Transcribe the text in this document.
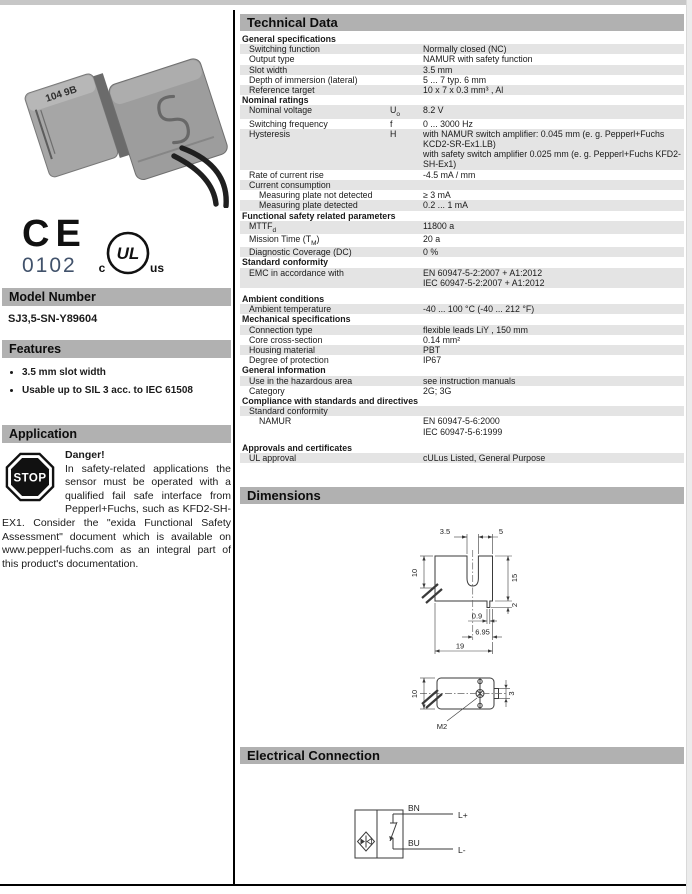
104 9B
CE
0102
UL
c	us
Model Number
SJ3,5-SN-Y89604
Features
• 3.5 mm slot width
• Usable up to SIL 3 acc. to IEC 61508
Application
STOP
Danger!
In safety-related applications the sensor must be operated with a qualified fail safe interface from Pepperl+Fuchs, such as KFD2-SH-EX1. Consider the "exida Functional Safety Assessment" document which is available on www.pepperl-fuchs.com as an integral part of this product's documentation.
Technical Data
General specifications
Switching function	Normally closed (NC)
Output type	NAMUR with safety function
Slot width	3.5 mm
Depth of immersion (lateral)	5 ... 7 typ. 6 mm
Reference target	10 x 7 x 0.3 mm³ , Al
Nominal ratings
Nominal voltage	$U_o$	8.2 V
Switching frequency	f	0 ... 3000 Hz
Hysteresis	H	with NAMUR switch amplifier: 0.045 mm (e. g. Pepperl+Fuchs KCD2-SR-Ex1.LB)
with safety switch amplifier 0.025 mm (e. g. Pepperl+Fuchs KFD2-SH-Ex1)
Rate of current rise	-4.5 mA / mm
Current consumption
Measuring plate not detected	≥ 3 mA
Measuring plate detected	0.2 ... 1 mA
Functional safety related parameters
$MTTF_d$	11800 a
Mission Time $(T_M)$	20 a
Diagnostic Coverage (DC)	0 %
Standard conformity
EMC in accordance with	EN 60947-5-2:2007 + A1:2012
IEC 60947-5-2:2007 + A1:2012
Ambient conditions
Ambient temperature	-40 ... 100 °C (-40 ... 212 °F)
Mechanical specifications
Connection type	flexible leads LiY , 150 mm
Core cross-section	0.14 mm²
Housing material	PBT
Degree of protection	IP67
General information
Use in the hazardous area	see instruction manuals
Category	2G; 3G
Compliance with standards and directives
Standard conformity
NAMUR	EN 60947-5-6:2000
IEC 60947-5-6:1999
Approvals and certificates
UL approval	cULus Listed, General Purpose
Dimensions
3.5	5
10
15
2
0.9
6.95
19
10	3
M2
Electrical Connection
BN
BU
L+
L-
